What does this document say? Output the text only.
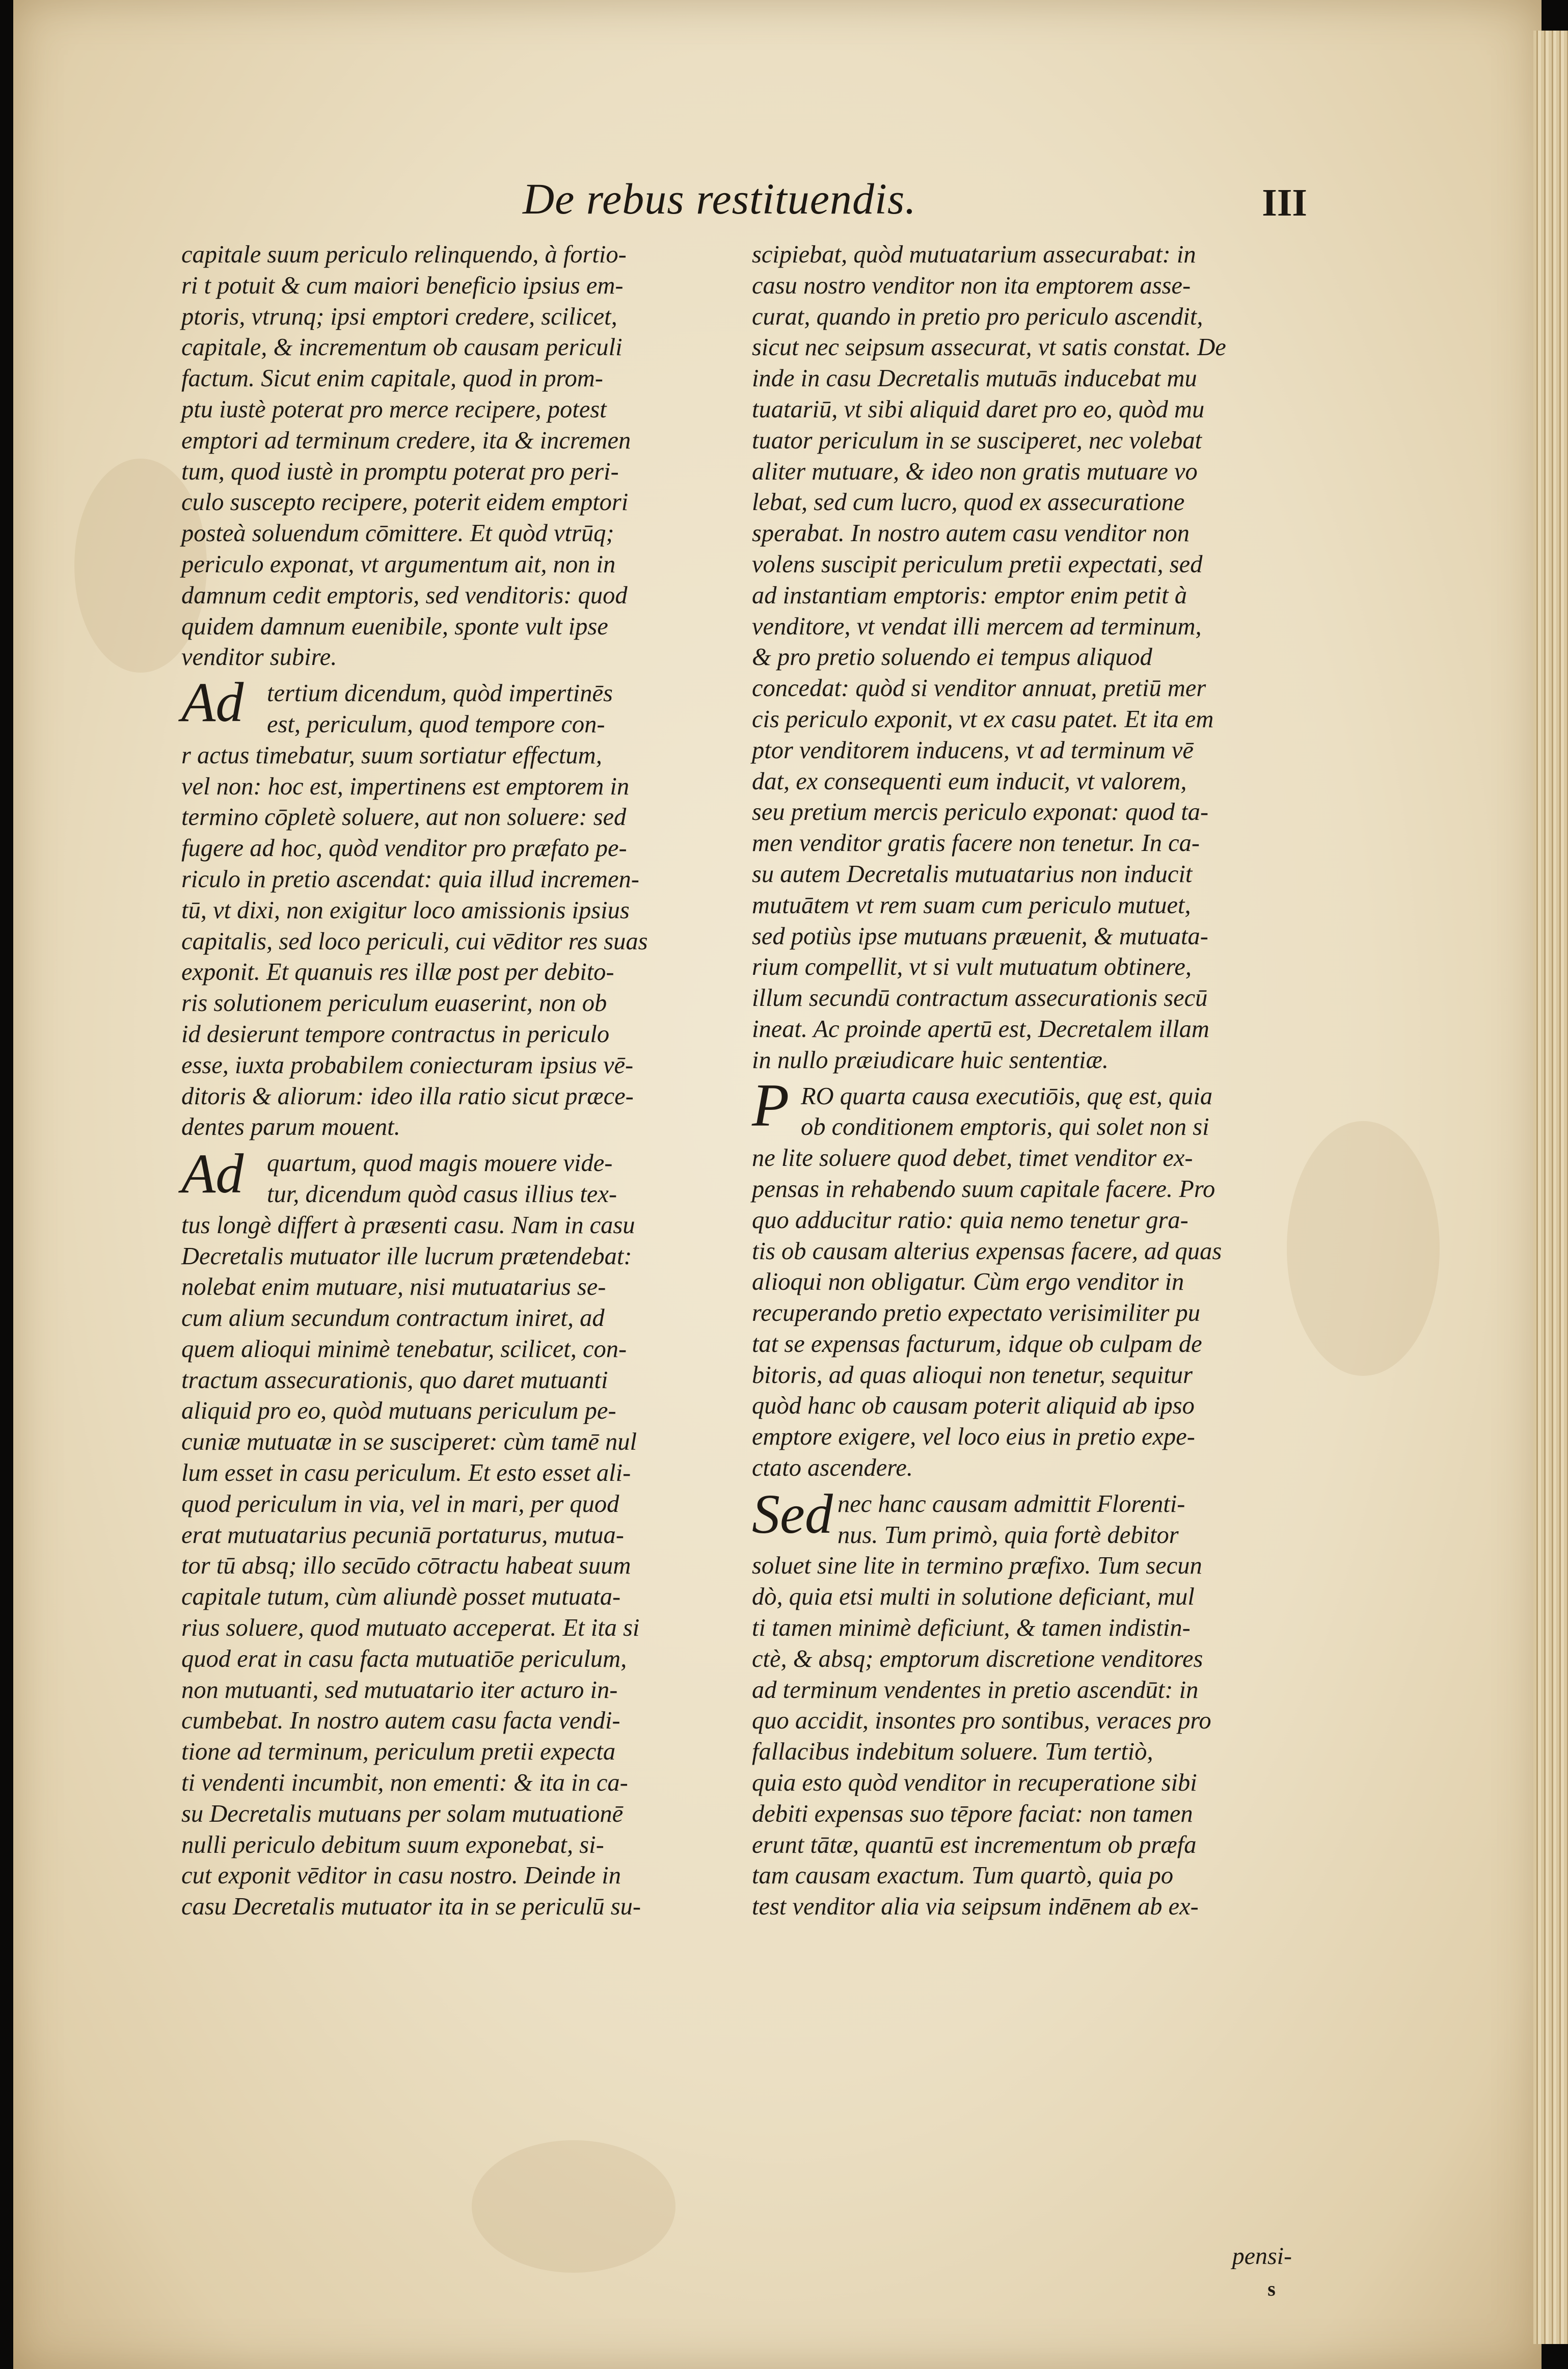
De rebus restituendis.	III
capitale suum periculo relinquendo, à fortio-
ri t potuit & cum maiori beneficio ipsius em-
ptoris, vtrunq; ipsi emptori credere, scilicet,
capitale, & incrementum ob causam periculi
factum. Sicut enim capitale, quod in prom-
ptu iustè poterat pro merce recipere, potest
emptori ad terminum credere, ita & incremen
tum, quod iustè in promptu poterat pro peri-
culo suscepto recipere, poterit eidem emptori
posteà soluendum cōmittere. Et quòd vtrūq;
periculo exponat, vt argumentum ait, non in
damnum cedit emptoris, sed venditoris: quod
quidem damnum euenibile, sponte vult ipse
venditor subire.
tertium dicendum, quòd impertinēs
est, periculum, quod tempore con-
r actus timebatur, suum sortiatur effectum,
vel non: hoc est, impertinens est emptorem in
termino cōpletè soluere, aut non soluere: sed
fugere ad hoc, quòd venditor pro præfato pe-
riculo in pretio ascendat: quia illud incremen-
tū, vt dixi, non exigitur loco amissionis ipsius
capitalis, sed loco periculi, cui vēditor res suas
exponit. Et quanuis res illæ post per debito-
ris solutionem periculum euaserint, non ob
id desierunt tempore contractus in periculo
esse, iuxta probabilem coniecturam ipsius vē-
ditoris & aliorum: ideo illa ratio sicut præce-
dentes parum mouent.
Ad
quartum, quod magis mouere vide-
tur, dicendum quòd casus illius tex-
tus longè differt à præsenti casu. Nam in casu
Decretalis mutuator ille lucrum prætendebat:
nolebat enim mutuare, nisi mutuatarius se-
cum alium secundum contractum iniret, ad
quem alioqui minimè tenebatur, scilicet, con-
tractum assecurationis, quo daret mutuanti
aliquid pro eo, quòd mutuans periculum pe-
cuniæ mutuatæ in se susciperet: cùm tamē nul
lum esset in casu periculum. Et esto esset ali-
quod periculum in via, vel in mari, per quod
erat mutuatarius pecuniā portaturus, mutua-
tor tū absq; illo secūdo cōtractu habeat suum
capitale tutum, cùm aliundè posset mutuata-
rius soluere, quod mutuato acceperat. Et ita si
quod erat in casu facta mutuatiōe periculum,
non mutuanti, sed mutuatario iter acturo in-
cumbebat. In nostro autem casu facta vendi-
tione ad terminum, periculum pretii expecta
ti vendenti incumbit, non ementi: & ita in ca-
su Decretalis mutuans per solam mutuationē
nulli periculo debitum suum exponebat, si-
cut exponit vēditor in casu nostro. Deinde in
casu Decretalis mutuator ita in se periculū su-
Ad
scipiebat, quòd mutuatarium assecurabat: in
casu nostro venditor non ita emptorem asse-
curat, quando in pretio pro periculo ascendit,
sicut nec seipsum assecurat, vt satis constat. De
inde in casu Decretalis mutuās inducebat mu
tuatariū, vt sibi aliquid daret pro eo, quòd mu
tuator periculum in se susciperet, nec volebat
aliter mutuare, & ideo non gratis mutuare vo
lebat, sed cum lucro, quod ex assecuratione
sperabat. In nostro autem casu venditor non
volens suscipit periculum pretii expectati, sed
ad instantiam emptoris: emptor enim petit à
venditore, vt vendat illi mercem ad terminum,
& pro pretio soluendo ei tempus aliquod
concedat: quòd si venditor annuat, pretiū mer
cis periculo exponit, vt ex casu patet. Et ita em
ptor venditorem inducens, vt ad terminum vē
dat, ex consequenti eum inducit, vt valorem,
seu pretium mercis periculo exponat: quod ta-
men venditor gratis facere non tenetur. In ca-
su autem Decretalis mutuatarius non inducit
mutuātem vt rem suam cum periculo mutuet,
sed potiùs ipse mutuans præuenit, & mutuata-
rium compellit, vt si vult mutuatum obtinere,
illum secundū contractum assecurationis secū
ineat. Ac proinde apertū est, Decretalem illam
in nullo præiudicare huic sententiæ.
RO quarta causa executiōis, quę est, quia
ob conditionem emptoris, qui solet non si
ne lite soluere quod debet, timet venditor ex-
pensas in rehabendo suum capitale facere. Pro
quo adducitur ratio: quia nemo tenetur gra-
tis ob causam alterius expensas facere, ad quas
alioqui non obligatur. Cùm ergo venditor in
recuperando pretio expectato verisimiliter pu
tat se expensas facturum, idque ob culpam de
bitoris, ad quas alioqui non tenetur, sequitur
quòd hanc ob causam poterit aliquid ab ipso
emptore exigere, vel loco eius in pretio expe-
ctato ascendere.
P
nec hanc causam admittit Florenti-
nus. Tum primò, quia fortè debitor
soluet sine lite in termino præfixo. Tum secun
dò, quia etsi multi in solutione deficiant, mul
ti tamen minimè deficiunt, & tamen indistin-
ctè, & absq; emptorum discretione venditores
ad terminum vendentes in pretio ascendūt: in
quo accidit, insontes pro sontibus, veraces pro
fallacibus indebitum soluere. Tum tertiò,
quia esto quòd venditor in recuperatione sibi
debiti expensas suo tēpore faciat: non tamen
erunt tātæ, quantū est incrementum ob præfa
tam causam exactum. Tum quartò, quia po
test venditor alia via seipsum indēnem ab ex-
Sed
pensi-
s
